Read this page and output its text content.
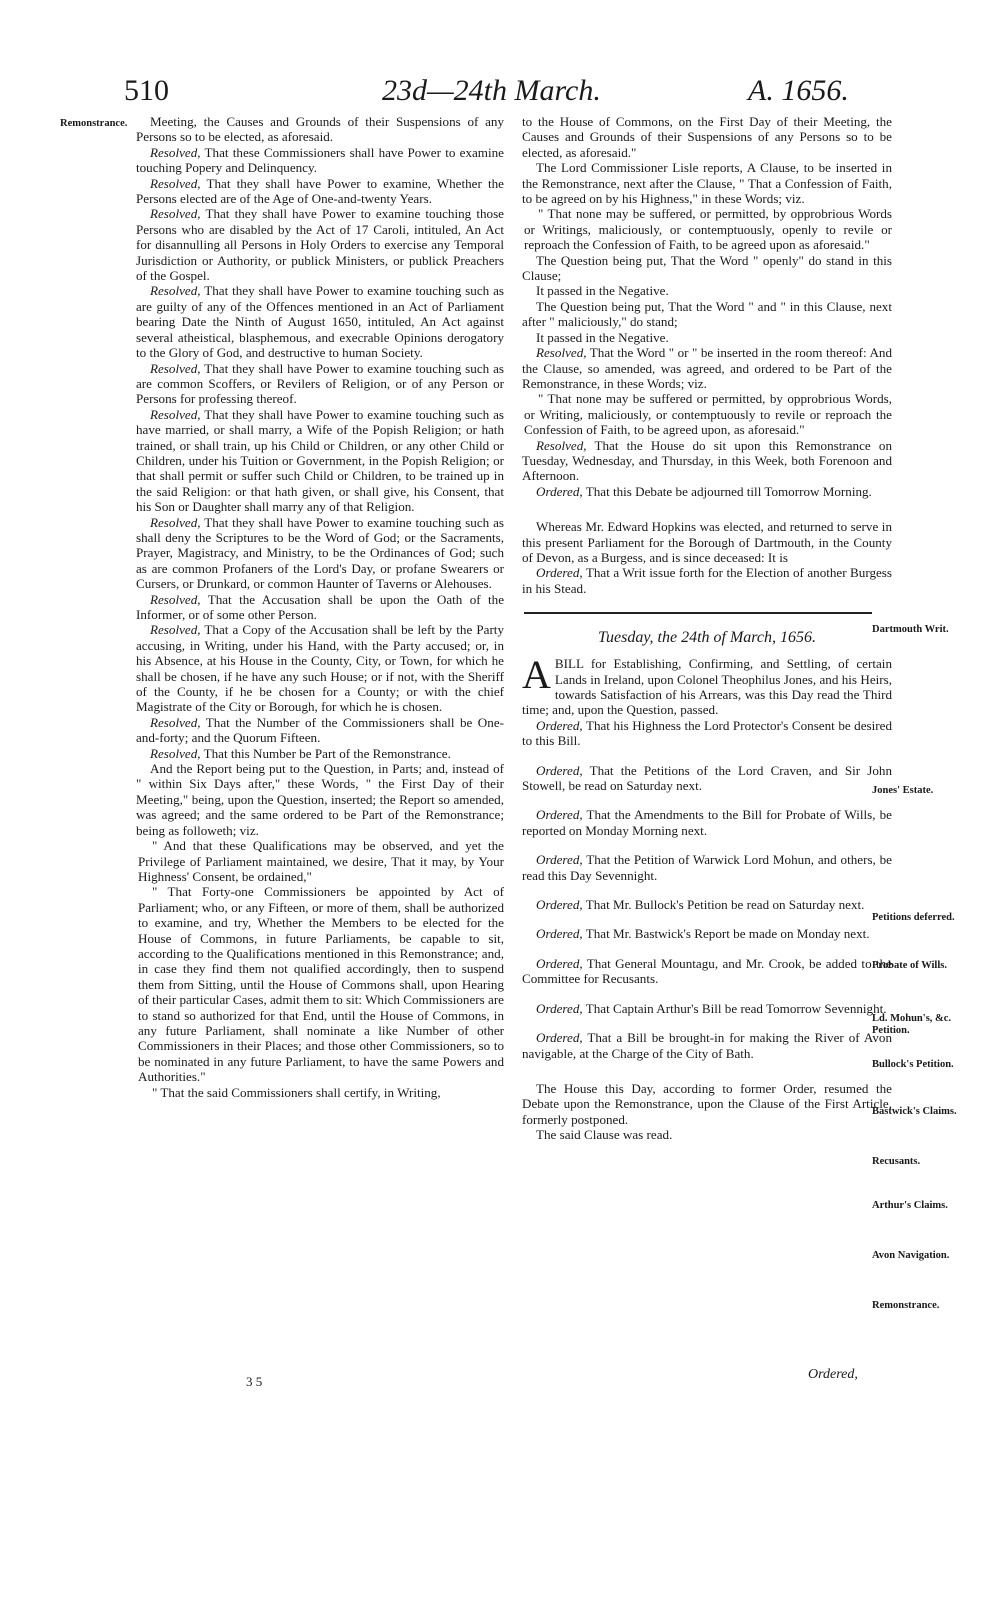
510	23d—24th March.	A. 1656.

Meeting, the Causes and Grounds of their Suspensions of any Persons so to be elected, as aforesaid.

Resolved, That these Commissioners shall have Power to examine touching Popery and Delinquency.

Resolved, That they shall have Power to examine, Whether the Persons elected are of the Age of One-and-twenty Years.

Resolved, That they shall have Power to examine touching those Persons who are disabled by the Act of 17 Caroli, intituled, An Act for disannulling all Persons in Holy Orders to exercise any Temporal Jurisdiction or Authority, or publick Ministers, or publick Preachers of the Gospel.

Resolved, That they shall have Power to examine touching such as are guilty of any of the Offences mentioned in an Act of Parliament bearing Date the Ninth of August 1650, intituled, An Act against several atheistical, blasphemous, and execrable Opinions derogatory to the Glory of God, and destructive to human Society.

Resolved, That they shall have Power to examine touching such as are common Scoffers, or Revilers of Religion, or of any Person or Persons for professing thereof.

Resolved, That they shall have Power to examine touching such as have married, or shall marry, a Wife of the Popish Religion; or hath trained, or shall train, up his Child or Children, or any other Child or Children, under his Tuition or Government, in the Popish Religion; or that shall permit or suffer such Child or Children, to be trained up in the said Religion: or that hath given, or shall give, his Consent, that his Son or Daughter shall marry any of that Religion.

Resolved, That they shall have Power to examine touching such as shall deny the Scriptures to be the Word of God; or the Sacraments, Prayer, Magistracy, and Ministry, to be the Ordinances of God; such as are common Profaners of the Lord's Day, or profane Swearers or Cursers, or Drunkard, or common Haunter of Taverns or Alehouses.

Resolved, That the Accusation shall be upon the Oath of the Informer, or of some other Person.

Resolved, That a Copy of the Accusation shall be left by the Party accusing, in Writing, under his Hand, with the Party accused; or, in his Absence, at his House in the County, City, or Town, for which he shall be chosen, if he have any such House; or if not, with the Sheriff of the County, if he be chosen for a County; or with the chief Magistrate of the City or Borough, for which he is chosen.

Resolved, That the Number of the Commissioners shall be One-and-forty; and the Quorum Fifteen.

Resolved, That this Number be Part of the Remonstrance.

And the Report being put to the Question, in Parts; and, instead of " within Six Days after," these Words, " the First Day of their Meeting," being, upon the Question, inserted; the Report so amended, was agreed; and the same ordered to be Part of the Remonstrance; being as followeth; viz.

" And that these Qualifications may be observed, and yet the Privilege of Parliament maintained, we desire, That it may, by Your Highness' Consent, be ordained,"

" That Forty-one Commissioners be appointed by Act of Parliament; who, or any Fifteen, or more of them, shall be authorized to examine, and try, Whether the Members to be elected for the House of Commons, in future Parliaments, be capable to sit, according to the Qualifications mentioned in this Remonstrance; and, in case they find them not qualified accordingly, then to suspend them from Sitting, until the House of Commons shall, upon Hearing of their particular Cases, admit them to sit: Which Commissioners are to stand so authorized for that End, until the House of Commons, in any future Parliament, shall nominate a like Number of other Commissioners in their Places; and those other Commissioners, so to be nominated in any future Parliament, to have the same Powers and Authorities."

" That the said Commissioners shall certify, in Writing,

to the House of Commons, on the First Day of their Meeting, the Causes and Grounds of their Suspensions of any Persons so to be elected, as aforesaid."

The Lord Commissioner Lisle reports, A Clause, to be inserted in the Remonstrance, next after the Clause, " That a Confession of Faith, to be agreed on by his Highness," in these Words; viz.

" That none may be suffered, or permitted, by opprobrious Words or Writings, maliciously, or contemptuously, openly to revile or reproach the Confession of Faith, to be agreed upon as aforesaid."

The Question being put, That the Word " openly" do stand in this Clause;

It passed in the Negative.

The Question being put, That the Word " and " in this Clause, next after " maliciously," do stand;

It passed in the Negative.

Resolved, That the Word " or " be inserted in the room thereof: And the Clause, so amended, was agreed, and ordered to be Part of the Remonstrance, in these Words; viz.

" That none may be suffered or permitted, by opprobrious Words, or Writing, maliciously, or contemptuously to revile or reproach the Confession of Faith, to be agreed upon, as aforesaid."

Resolved, That the House do sit upon this Remonstrance on Tuesday, Wednesday, and Thursday, in this Week, both Forenoon and Afternoon.

Ordered, That this Debate be adjourned till Tomorrow Morning.

Whereas Mr. Edward Hopkins was elected, and returned to serve in this present Parliament for the Borough of Dartmouth, in the County of Devon, as a Burgess, and is since deceased: It is

Ordered, That a Writ issue forth for the Election of another Burgess in his Stead.

Tuesday, the 24th of March, 1656.

A BILL for Establishing, Confirming, and Settling, of certain Lands in Ireland, upon Colonel Theophilus Jones, and his Heirs, towards Satisfaction of his Arrears, was this Day read the Third time; and, upon the Question, passed.

Ordered, That his Highness the Lord Protector's Consent be desired to this Bill.

Ordered, That the Petitions of the Lord Craven, and Sir John Stowell, be read on Saturday next.

Ordered, That the Amendments to the Bill for Probate of Wills, be reported on Monday Morning next.

Ordered, That the Petition of Warwick Lord Mohun, and others, be read this Day Sevennight.

Ordered, That Mr. Bullock's Petition be read on Saturday next.

Ordered, That Mr. Bastwick's Report be made on Monday next.

Ordered, That General Mountagu, and Mr. Crook, be added to the Committee for Recusants.

Ordered, That Captain Arthur's Bill be read Tomorrow Sevennight.

Ordered, That a Bill be brought-in for making the River of Avon navigable, at the Charge of the City of Bath.

The House this Day, according to former Order, resumed the Debate upon the Remonstrance, upon the Clause of the First Article, formerly postponed.

The said Clause was read.

3 5	Ordered,
Remonstrance.
Dartmouth Writ.
Jones' Estate.
Petitions deferred.
Probate of Wills.
Ld. Mohun's, &c. Petition.
Bullock's Petition.
Bastwick's Claims.
Recusants.
Arthur's Claims.
Avon Navigation.
Remonstrance.
